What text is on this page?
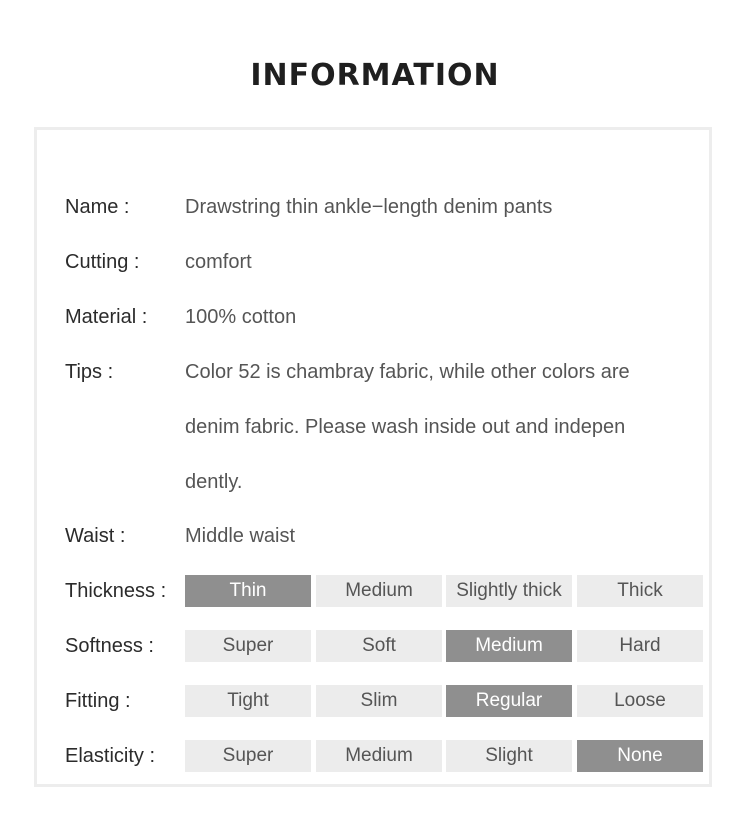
INFORMATION
Name :	Drawstring thin ankle−length denim pants
Cutting : comfort
Material : 100% cotton
Tips :	Color 52 is chambray fabric, while other colors are
denim fabric. Please wash inside out and indepen
dently.
Waist :	Middle waist
Thickness :	Thin	Medium	Slightly thick	Thick
Softness :	Super	Soft	Medium	Hard
Fitting :	Tight	Slim	Regular	Loose
Elasticity :	Super	Medium	Slight	None
